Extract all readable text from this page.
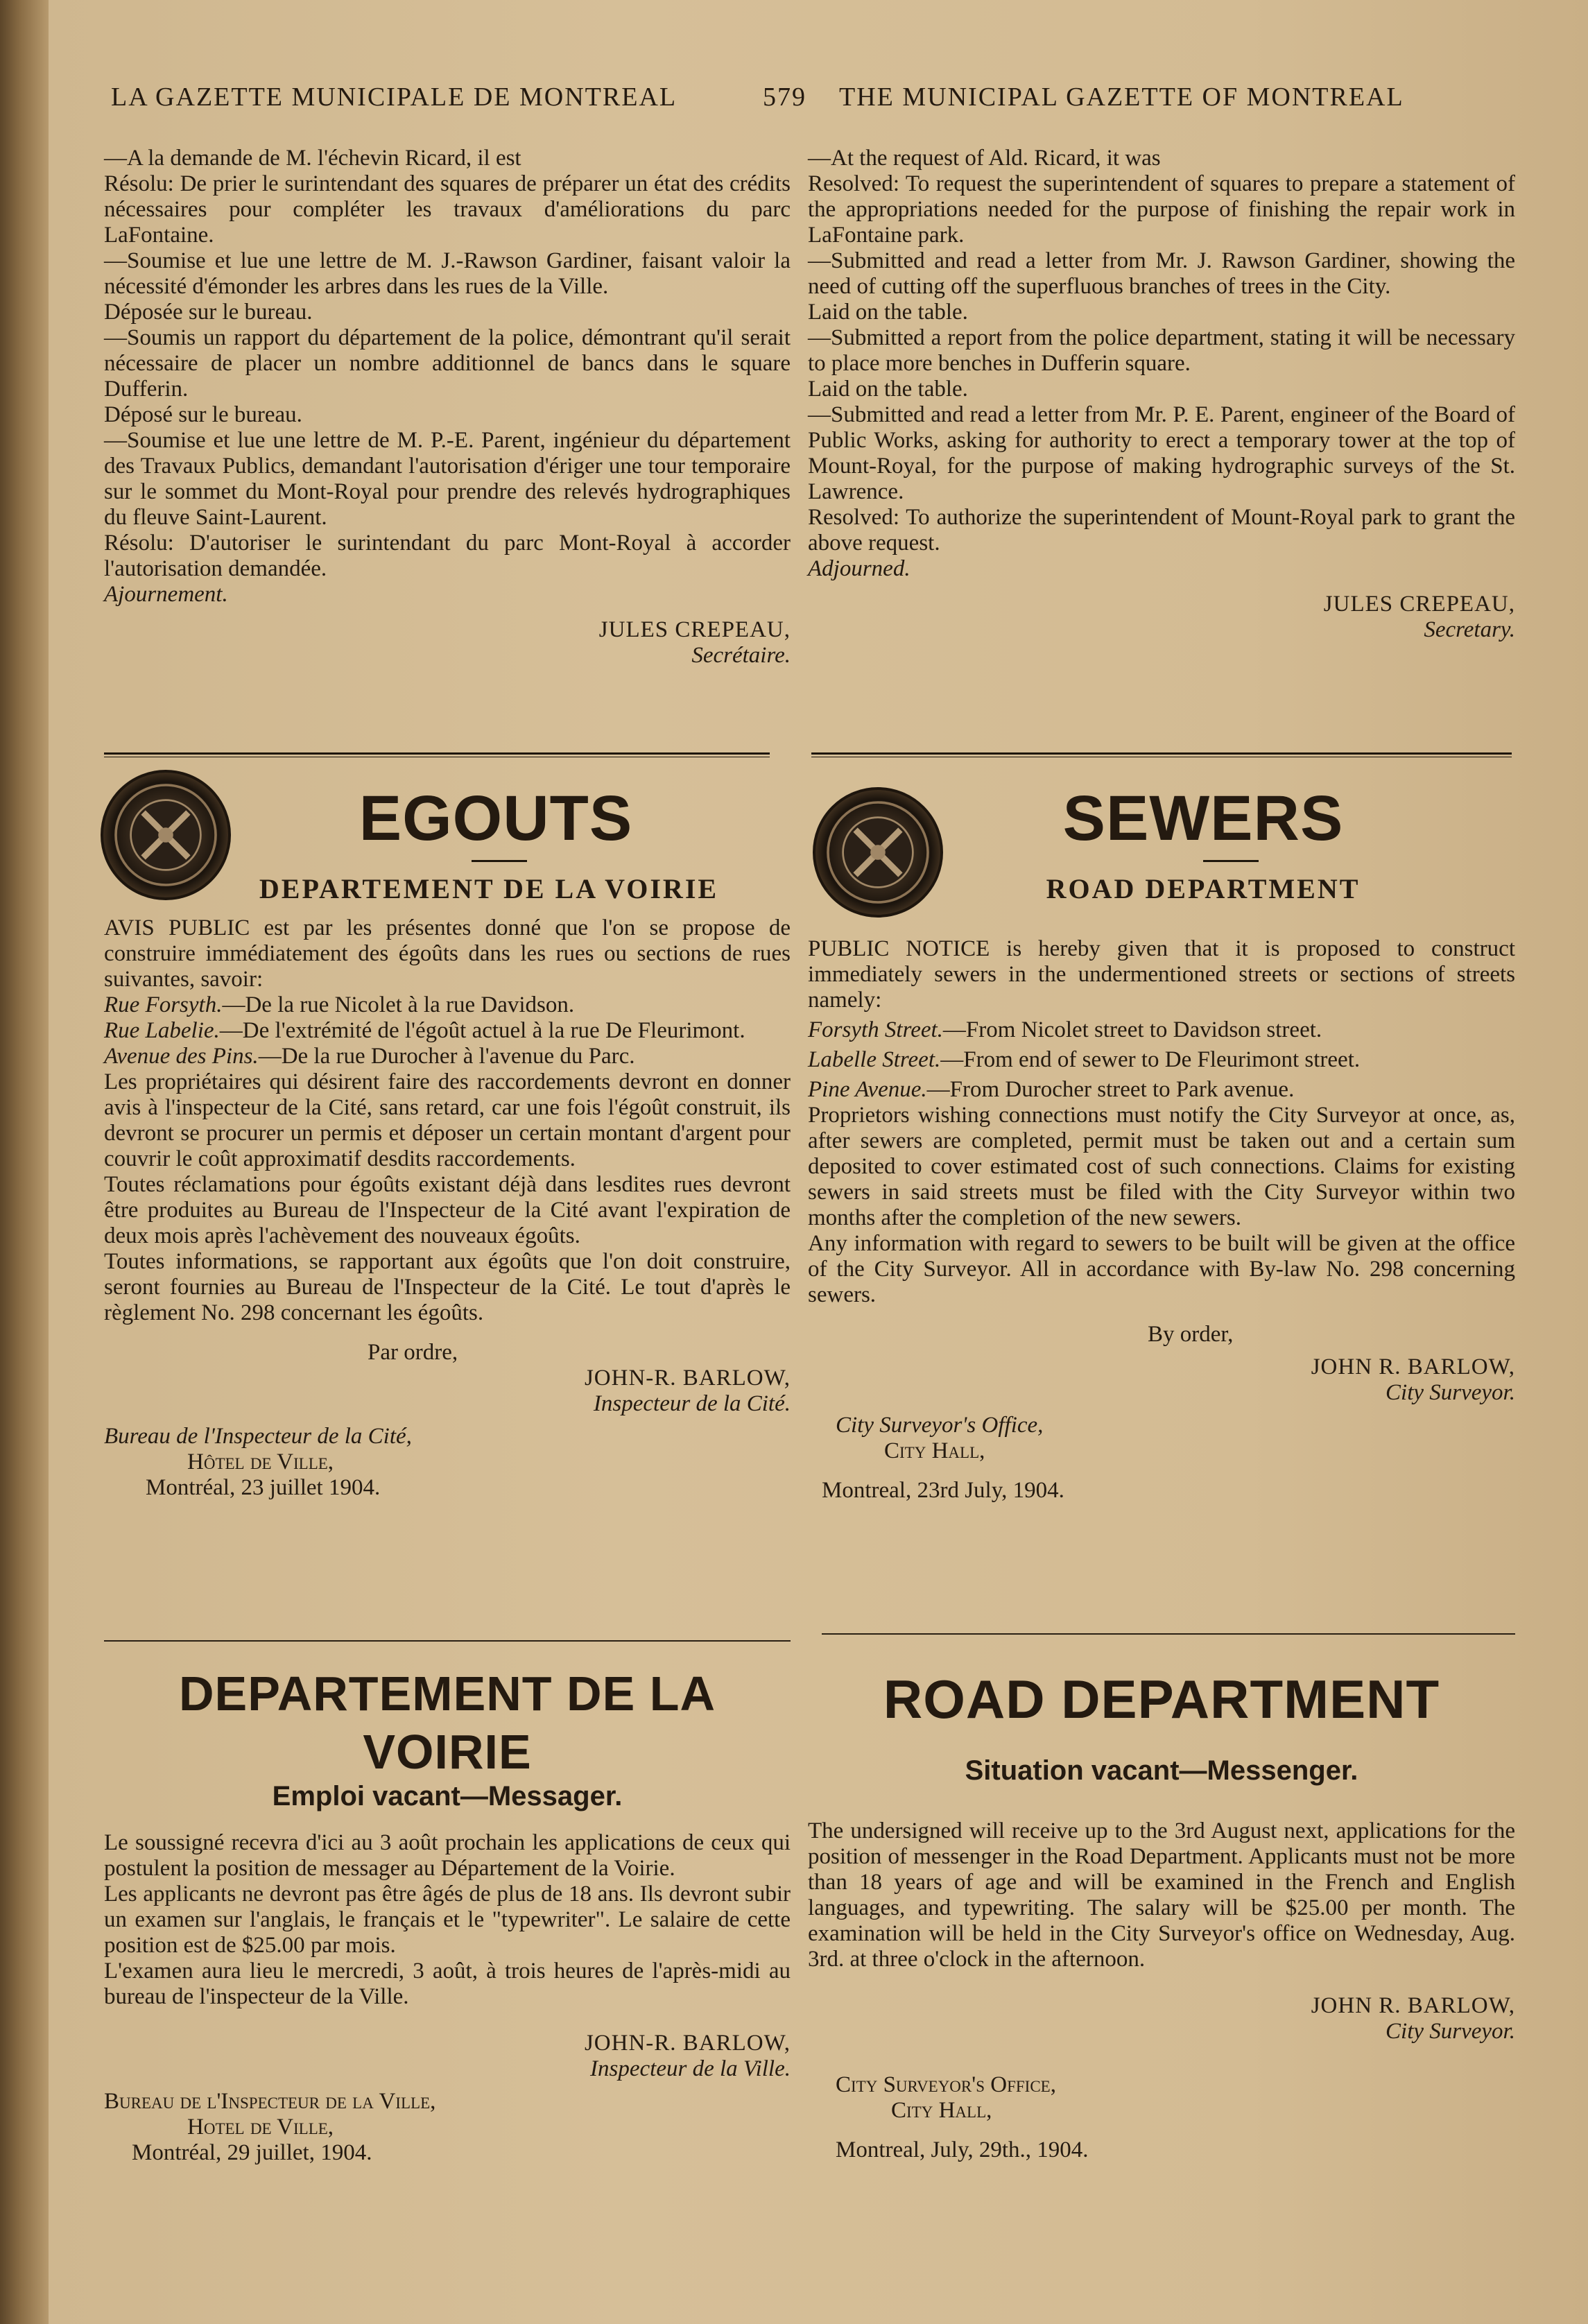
LA GAZETTE MUNICIPALE DE MONTREAL	579 THE MUNICIPAL GAZETTE OF MONTREAL

—A la demande de M. l'échevin Ricard, il est

Résolu: De prier le surintendant des squares de préparer un état des crédits nécessaires pour compléter les travaux d'améliorations du parc LaFontaine.

—Soumise et lue une lettre de M. J.-Rawson Gardiner, faisant valoir la nécessité d'émonder les arbres dans les rues de la Ville.

Déposée sur le bureau.

—Soumis un rapport du département de la police, démontrant qu'il serait nécessaire de placer un nombre additionnel de bancs dans le square Dufferin.

Déposé sur le bureau.

—Soumise et lue une lettre de M. P.-E. Parent, ingénieur du département des Travaux Publics, demandant l'autorisation d'ériger une tour temporaire sur le sommet du Mont-Royal pour prendre des relevés hydrographiques du fleuve Saint-Laurent.

Résolu: D'autoriser le surintendant du parc Mont-Royal à accorder l'autorisation demandée.

Ajournement.

JULES CREPEAU,
Secrétaire.

—At the request of Ald. Ricard, it was

Resolved: To request the superintendent of squares to prepare a statement of the appropriations needed for the purpose of finishing the repair work in LaFontaine park.

—Submitted and read a letter from Mr. J. Rawson Gardiner, showing the need of cutting off the superfluous branches of trees in the City.

Laid on the table.

—Submitted a report from the police department, stating it will be necessary to place more benches in Dufferin square.

Laid on the table.

—Submitted and read a letter from Mr. P. E. Parent, engineer of the Board of Public Works, asking for authority to erect a temporary tower at the top of Mount-Royal, for the purpose of making hydrographic surveys of the St. Lawrence.

Resolved: To authorize the superintendent of Mount-Royal park to grant the above request.

Adjourned.

JULES CREPEAU,
Secretary.
EGOUTS
DEPARTEMENT DE LA VOIRIE

AVIS PUBLIC est par les présentes donné que l'on se propose de construire immédiatement des égoûts dans les rues ou sections de rues suivantes, savoir:

Rue Forsyth.—De la rue Nicolet à la rue Davidson.

Rue Labelie.—De l'extrémité de l'égoût actuel à la rue De Fleurimont.

Avenue des Pins.—De la rue Durocher à l'avenue du Parc.

Les propriétaires qui désirent faire des raccordements devront en donner avis à l'inspecteur de la Cité, sans retard, car une fois l'égoût construit, ils devront se procurer un permis et déposer un certain montant d'argent pour couvrir le coût approximatif desdits raccordements.

Toutes réclamations pour égoûts existant déjà dans lesdites rues devront être produites au Bureau de l'Inspecteur de la Cité avant l'expiration de deux mois après l'achèvement des nouveaux égoûts.

Toutes informations, se rapportant aux égoûts que l'on doit construire, seront fournies au Bureau de l'Inspecteur de la Cité. Le tout d'après le règlement No. 298 concernant les égoûts.

Par ordre,
JOHN-R. BARLOW,
Inspecteur de la Cité.
Bureau de l'Inspecteur de la Cité,
Hôtel de Ville,
Montréal, 23 juillet 1904.
SEWERS
ROAD DEPARTMENT

PUBLIC NOTICE is hereby given that it is proposed to construct immediately sewers in the undermentioned streets or sections of streets namely:

Forsyth Street.—From Nicolet street to Davidson street.

Labelle Street.—From end of sewer to De Fleurimont street.

Pine Avenue.—From Durocher street to Park avenue.

Proprietors wishing connections must notify the City Surveyor at once, as, after sewers are completed, permit must be taken out and a certain sum deposited to cover estimated cost of such connections. Claims for existing sewers in said streets must be filed with the City Surveyor within two months after the completion of the new sewers.

Any information with regard to sewers to be built will be given at the office of the City Surveyor. All in accordance with By-law No. 298 concerning sewers.

By order,
JOHN R. BARLOW,
City Surveyor.
City Surveyor's Office,
City Hall,
Montreal, 23rd July, 1904.
DEPARTEMENT DE LA VOIRIE
Emploi vacant—Messager.

Le soussigné recevra d'ici au 3 août prochain les applications de ceux qui postulent la position de messager au Département de la Voirie.

Les applicants ne devront pas être âgés de plus de 18 ans. Ils devront subir un examen sur l'anglais, le français et le "typewriter". Le salaire de cette position est de $25.00 par mois.

L'examen aura lieu le mercredi, 3 août, à trois heures de l'après-midi au bureau de l'inspecteur de la Ville.

JOHN-R. BARLOW,
Inspecteur de la Ville.
Bureau de l'Inspecteur de la Ville,
Hotel de Ville,
Montréal, 29 juillet, 1904.
ROAD DEPARTMENT
Situation vacant—Messenger.

The undersigned will receive up to the 3rd August next, applications for the position of messenger in the Road Department. Applicants must not be more than 18 years of age and will be examined in the French and English languages, and typewriting. The salary will be $25.00 per month. The examination will be held in the City Surveyor's office on Wednesday, Aug. 3rd. at three o'clock in the afternoon.

JOHN R. BARLOW,
City Surveyor.
City Surveyor's Office,
City Hall,
Montreal, July, 29th., 1904.
